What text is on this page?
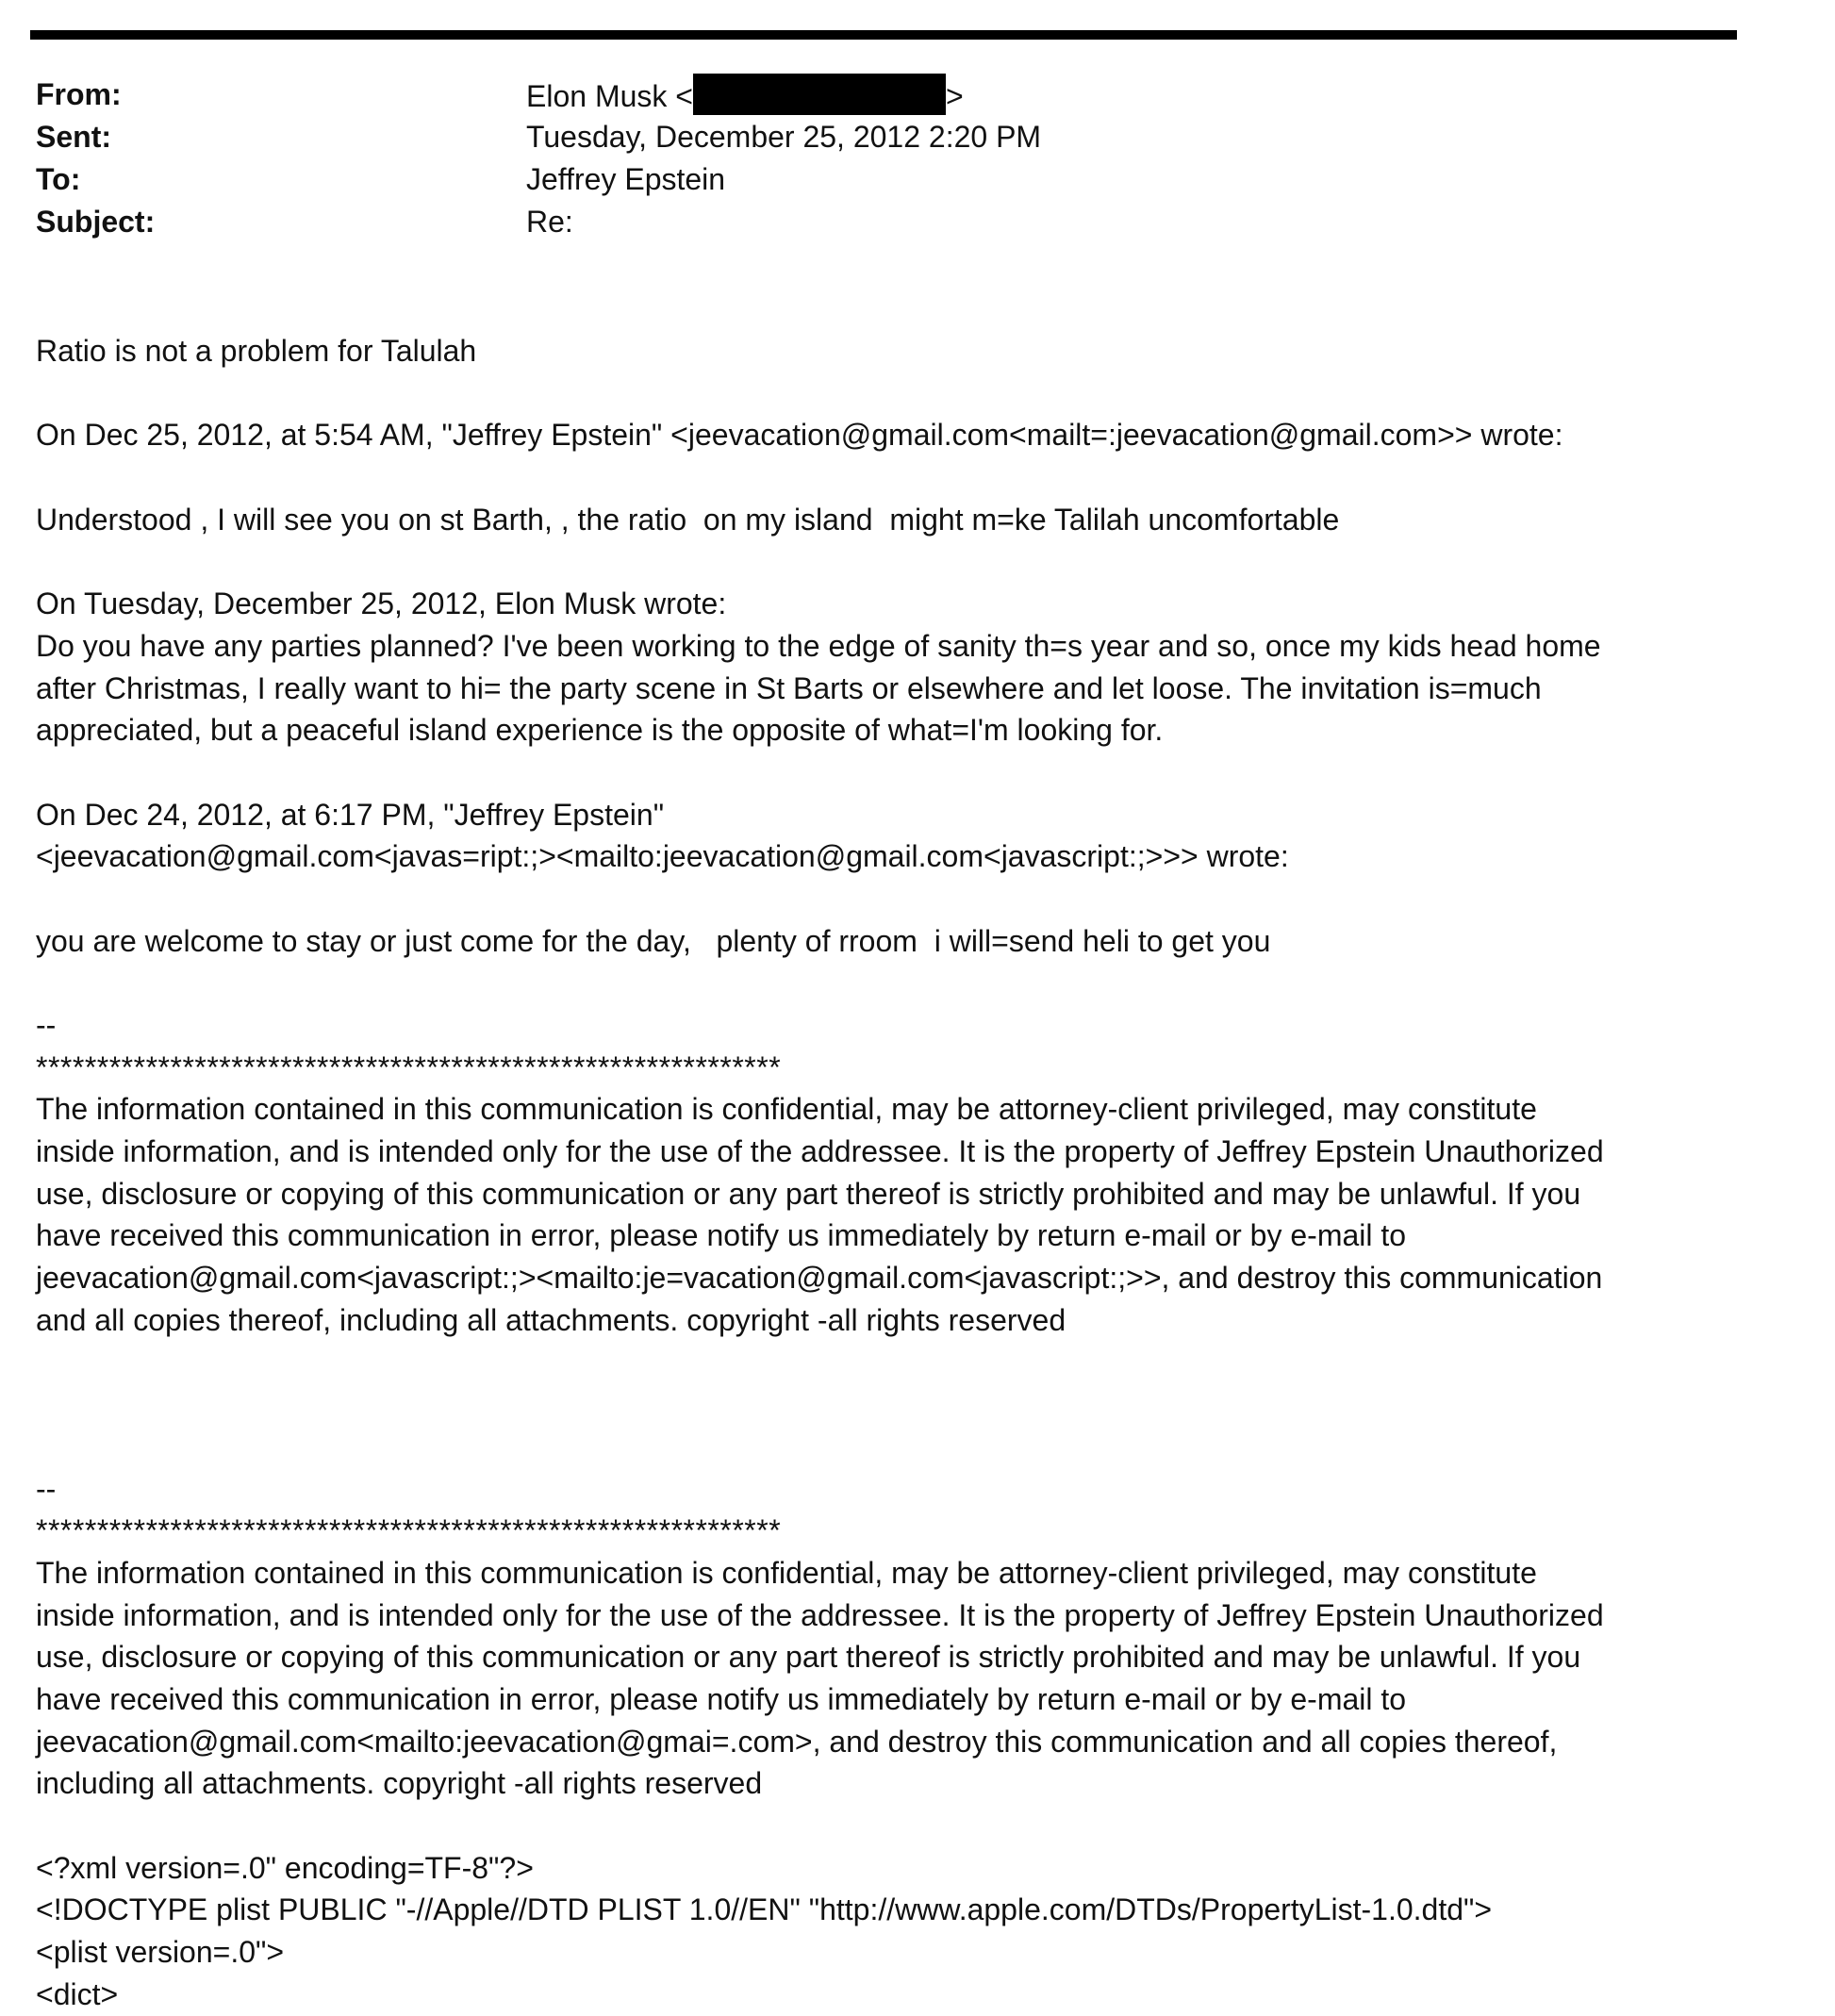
From:	Elon Musk <	>
Sent:	Tuesday, December 25, 2012 2:20 PM
To:	Jeffrey Epstein
Subject:	Re:
Ratio is not a problem for Talulah
On Dec 25, 2012, at 5:54 AM, "Jeffrey Epstein" <jeevacation@gmail.com<mailt=:jeevacation@gmail.com>> wrote:
Understood , I will see you on st Barth, , the ratio  on my island  might m=ke Talilah uncomfortable
On Tuesday, December 25, 2012, Elon Musk wrote:
Do you have any parties planned? I've been working to the edge of sanity th=s year and so, once my kids head home
after Christmas, I really want to hi= the party scene in St Barts or elsewhere and let loose. The invitation is=much
appreciated, but a peaceful island experience is the opposite of what=I'm looking for.
On Dec 24, 2012, at 6:17 PM, "Jeffrey Epstein"
<jeevacation@gmail.com<javas=ript:;><mailto:jeevacation@gmail.com<javascript:;>>> wrote:
you are welcome to stay or just come for the day,   plenty of rroom  i will=send heli to get you
--
*************************************************************
The information contained in this communication is confidential, may be attorney-client privileged, may constitute
inside information, and is intended only for the use of the addressee. It is the property of Jeffrey Epstein Unauthorized
use, disclosure or copying of this communication or any part thereof is strictly prohibited and may be unlawful. If you
have received this communication in error, please notify us immediately by return e-mail or by e-mail to
jeevacation@gmail.com<javascript:;><mailto:je=vacation@gmail.com<javascript:;>>, and destroy this communication
and all copies thereof, including all attachments. copyright -all rights reserved
--
*************************************************************
The information contained in this communication is confidential, may be attorney-client privileged, may constitute
inside information, and is intended only for the use of the addressee. It is the property of Jeffrey Epstein Unauthorized
use, disclosure or copying of this communication or any part thereof is strictly prohibited and may be unlawful. If you
have received this communication in error, please notify us immediately by return e-mail or by e-mail to
jeevacation@gmail.com<mailto:jeevacation@gmai=.com>, and destroy this communication and all copies thereof,
including all attachments. copyright -all rights reserved
<?xml version=.0" encoding=TF-8"?>
<!DOCTYPE plist PUBLIC "-//Apple//DTD PLIST 1.0//EN" "http://www.apple.com/DTDs/PropertyList-1.0.dtd">
<plist version=.0">
<dict>
